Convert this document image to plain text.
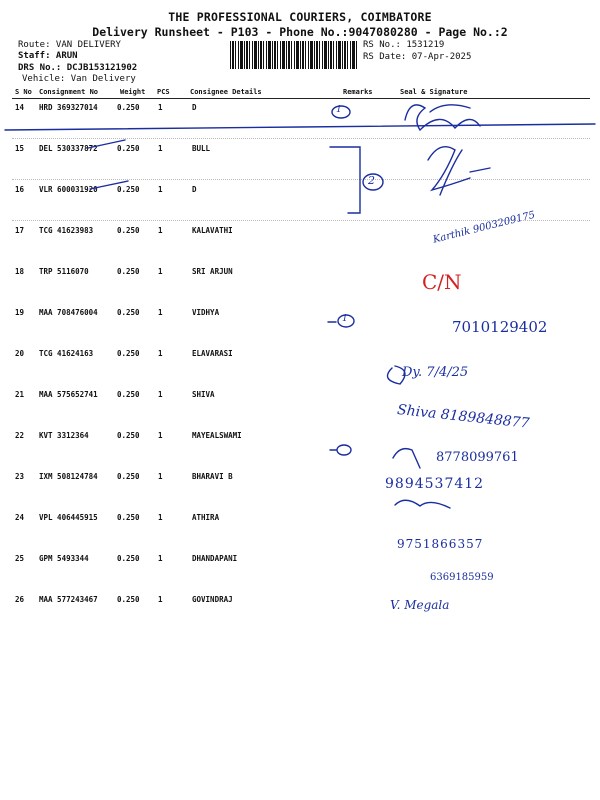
THE PROFESSIONAL COURIERS, COIMBATORE
Delivery Runsheet - P103 - Phone No.:9047080280 - Page No.:2
Route: VAN DELIVERY
Staff: ARUN
DRS No.: DCJB153121902
Vehicle: Van Delivery
RS No.: 1531219
RS Date: 07-Apr-2025
S No Consignment No	Weight PCS	Consignee Details	Remarks	Seal & Signature
14 HRD 369327014	0.250 1	D
15 DEL 530337872	0.250 1	BULL
16 VLR 600031920	0.250 1	D
17 TCG 41623983	0.250 1	KALAVATHI
18 TRP 5116070	0.250 1	SRI ARJUN
19 MAA 708476004	0.250 1	VIDHYA
20 TCG 41624163	0.250 1	ELAVARASI
21 MAA 575652741	0.250 1	SHIVA
22 KVT 3312364	0.250 1	MAYEALSWAMI
23 IXM 508124784	0.250 1	BHARAVI B
24 VPL 406445915	0.250 1	ATHIRA
25 GPM 5493344	0.250 1	DHANDAPANI
26 MAA 577243467	0.250 1	GOVINDRAJ
1
2
1
Karthik 9003209175
C/N
7010129402
Dy. 7/4/25
Shiva 8189848877
8778099761
9894537412
9751866357
6369185959
V. Megala
